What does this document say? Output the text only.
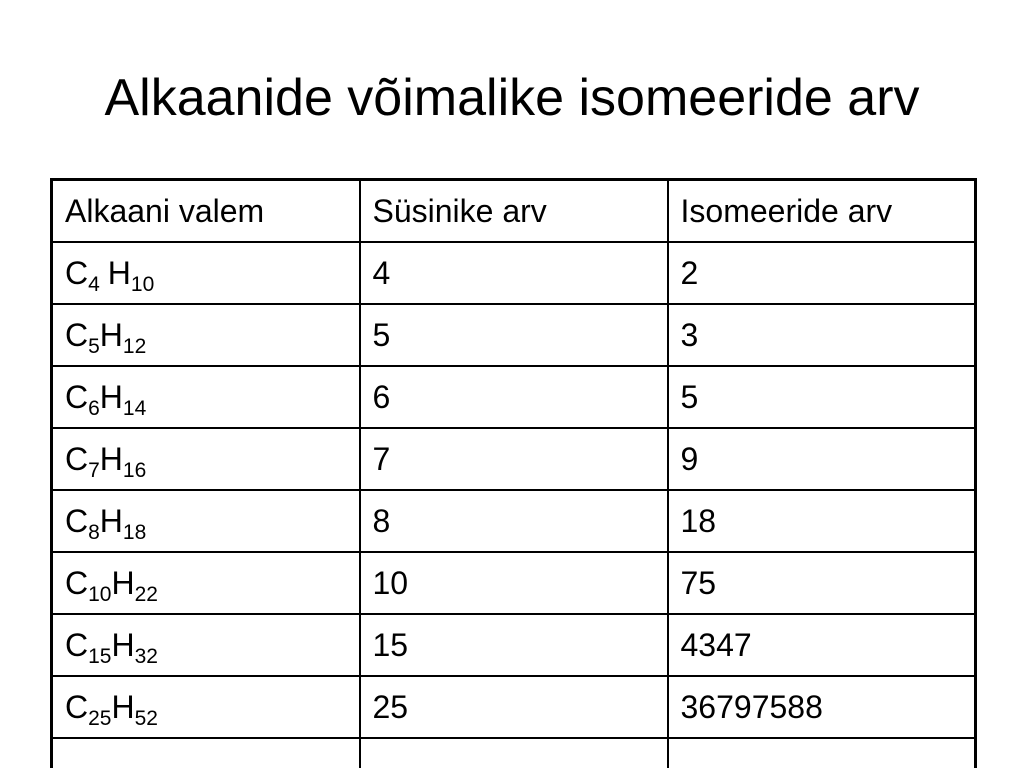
Alkaanide võimalike isomeeride arv
Alkaani valem	Süsinike arv	Isomeeride arv
$C_4$ $H_{10}$	4	2
$C_5H_{12}$	5	3
$C_6H_{14}$	6	5
$C_7H_{16}$	7	9
$C_8H_{18}$	8	18
$C_{10}H_{22}$	10	75
$C_{15}H_{32}$	15	4347
$C_{25}H_{52}$	25	36797588
